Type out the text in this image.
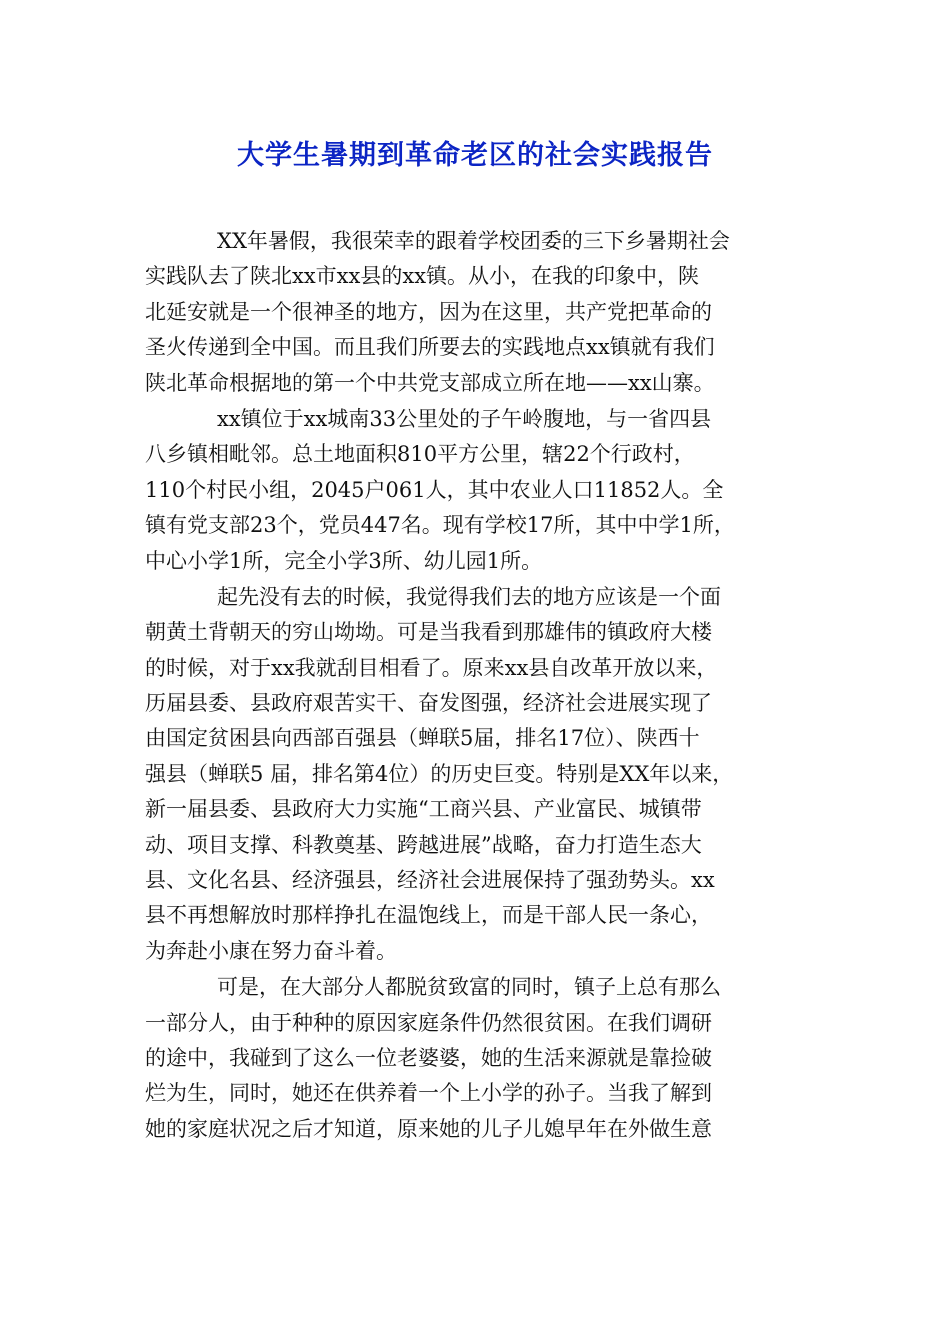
大学生暑期到革命老区的社会实践报告

XX年暑假，我很荣幸的跟着学校团委的三下乡暑期社会
实践队去了陕北xx市xx县的xx镇。从小，在我的印象中，陕
北延安就是一个很神圣的地方，因为在这里，共产党把革命的
圣火传递到全中国。而且我们所要去的实践地点xx镇就有我们
陕北革命根据地的第一个中共党支部成立所在地——xx山寨。

xx镇位于xx城南33公里处的子午岭腹地，与一省四县
八乡镇相毗邻。总土地面积810平方公里，辖22个行政村，
110个村民小组，2045户061人，其中农业人口11852人。全
镇有党支部23个，党员447名。现有学校17所，其中中学1所，
中心小学1所，完全小学3所、幼儿园1所。

起先没有去的时候，我觉得我们去的地方应该是一个面
朝黄土背朝天的穷山坳坳。可是当我看到那雄伟的镇政府大楼
的时候，对于xx我就刮目相看了。原来xx县自改革开放以来，
历届县委、县政府艰苦实干、奋发图强，经济社会进展实现了
由国定贫困县向西部百强县（蝉联5届，排名17位）、陕西十
强县（蝉联5 届，排名第4位）的历史巨变。特别是XX年以来，
新一届县委、县政府大力实施“工商兴县、产业富民、城镇带
动、项目支撑、科教奠基、跨越进展”战略，奋力打造生态大
县、文化名县、经济强县，经济社会进展保持了强劲势头。xx
县不再想解放时那样挣扎在温饱线上，而是干部人民一条心，
为奔赴小康在努力奋斗着。

可是，在大部分人都脱贫致富的同时，镇子上总有那么
一部分人，由于种种的原因家庭条件仍然很贫困。在我们调研
的途中，我碰到了这么一位老婆婆，她的生活来源就是靠捡破
烂为生，同时，她还在供养着一个上小学的孙子。当我了解到
她的家庭状况之后才知道，原来她的儿子儿媳早年在外做生意
